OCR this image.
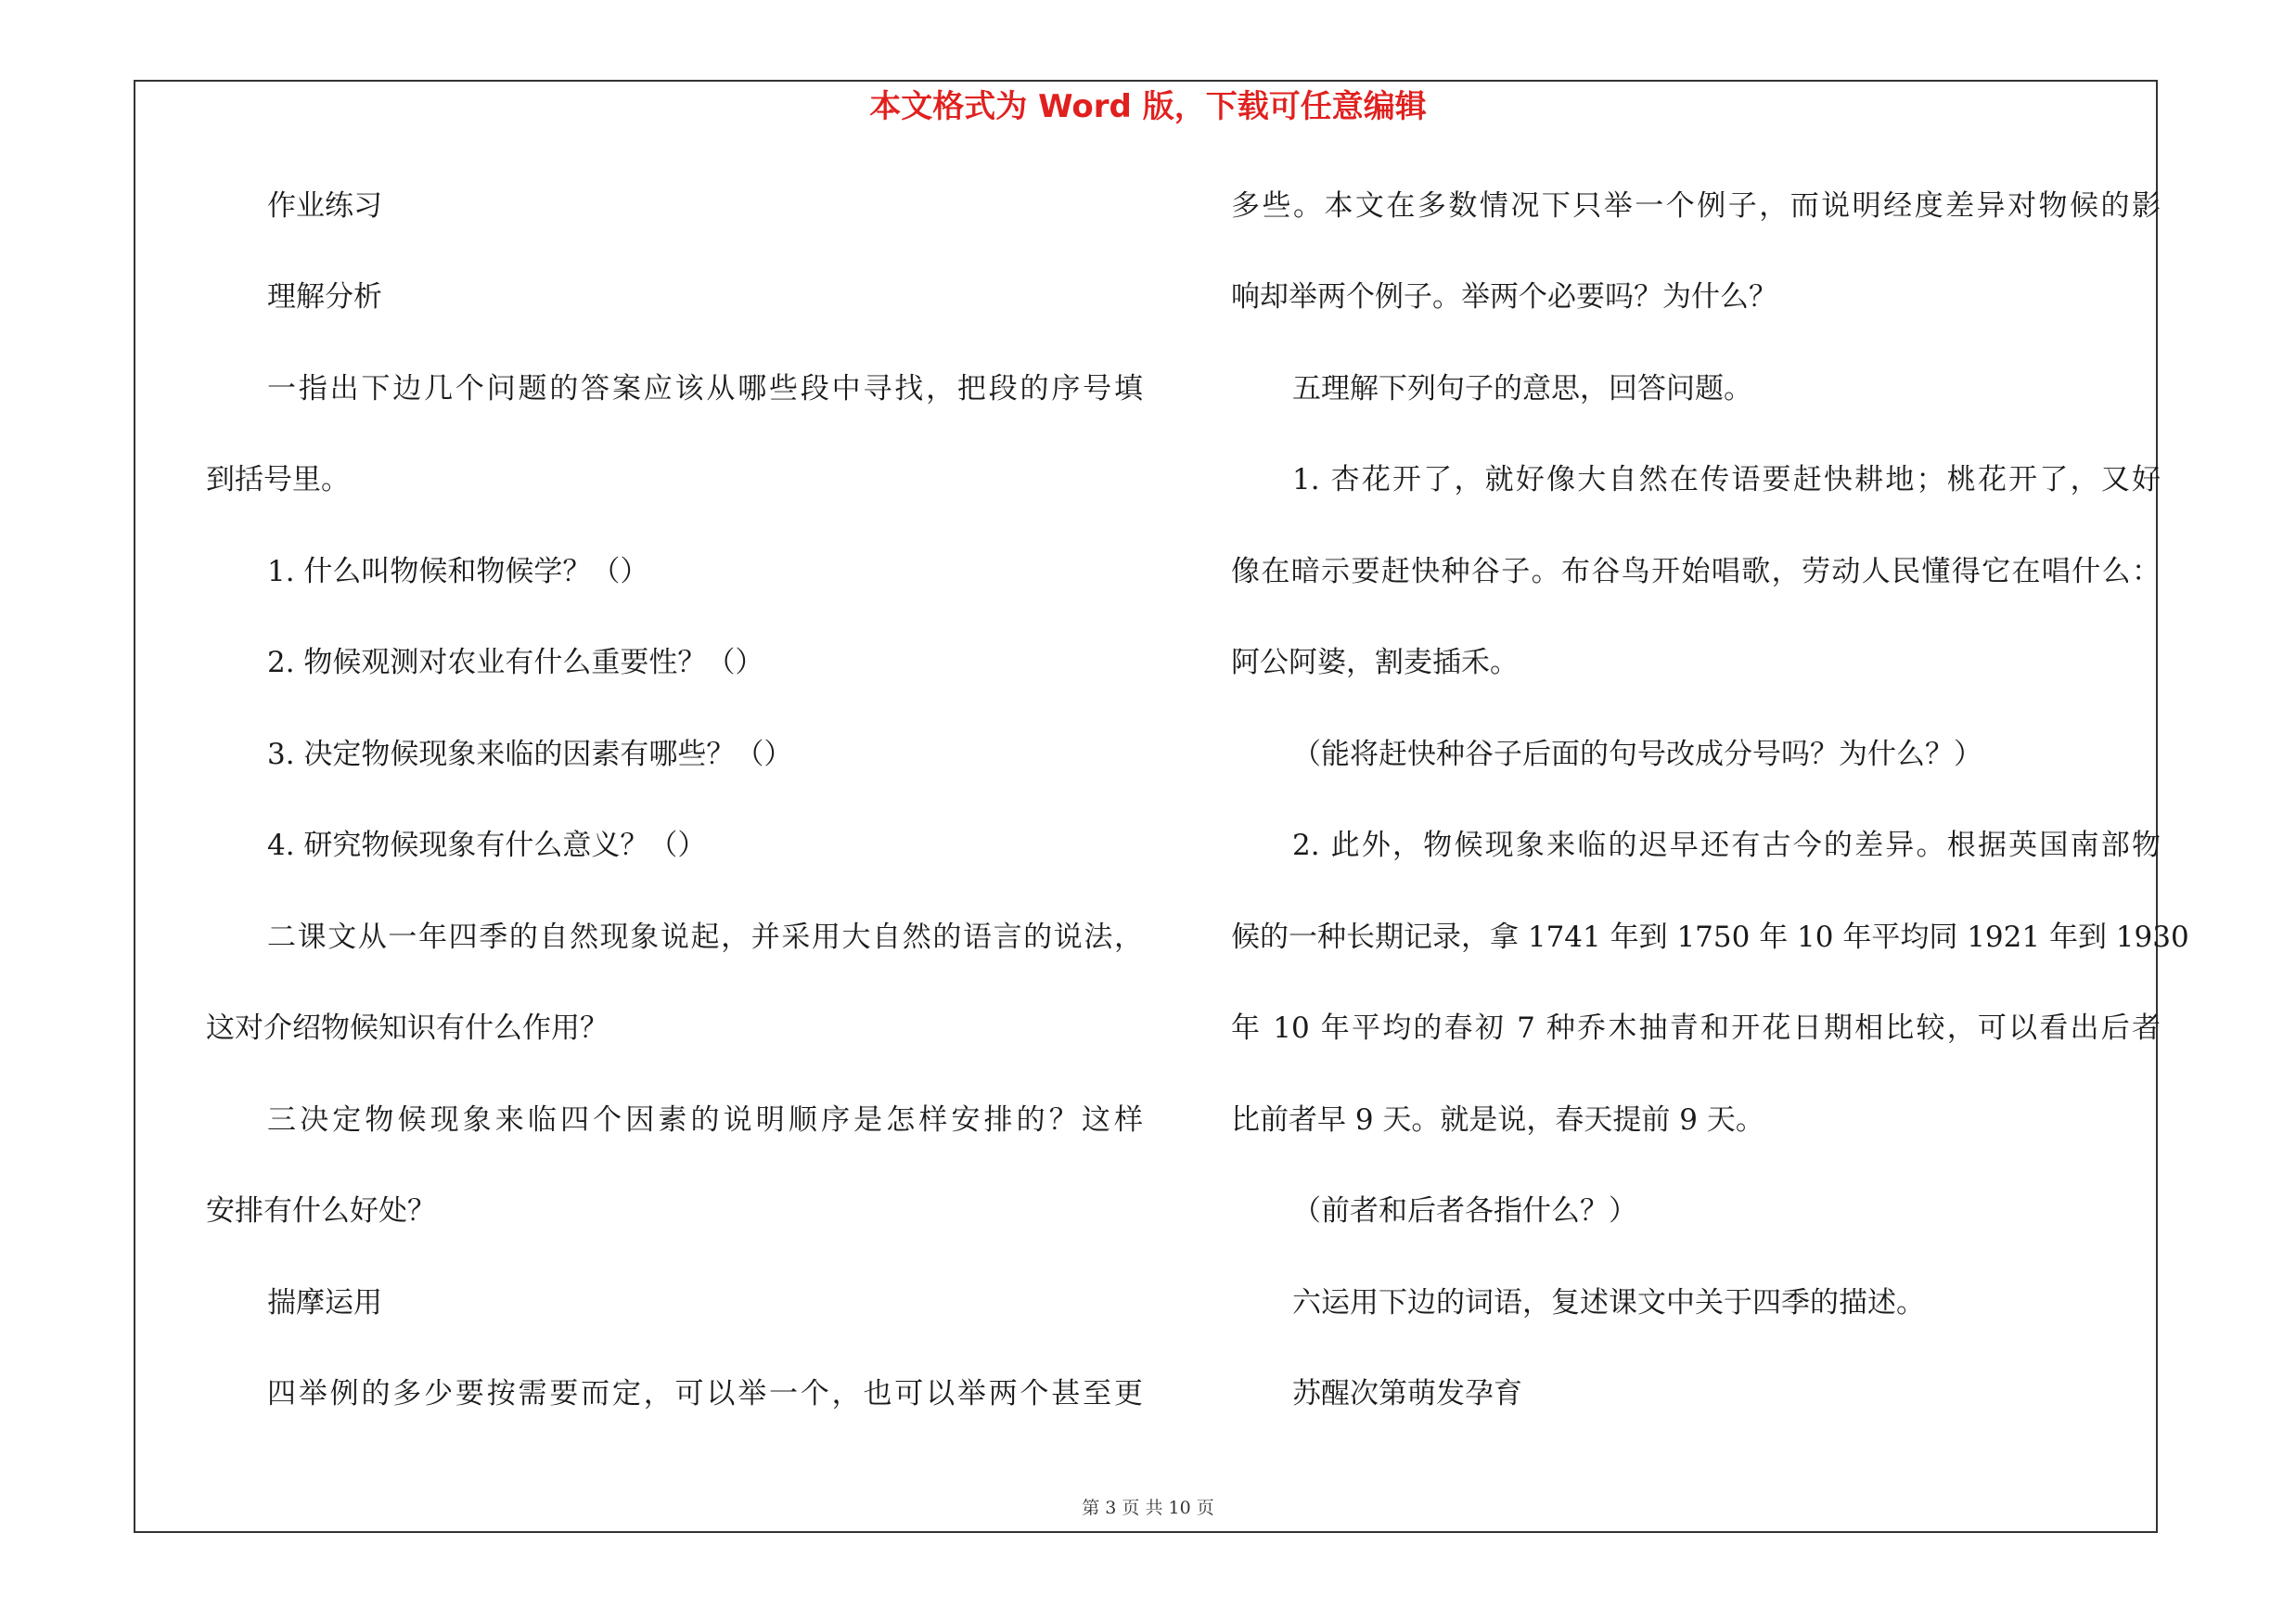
本文格式为 Word 版，下载可任意编辑
作业练习
理解分析
一指出下边几个问题的答案应该从哪些段中寻找，把段的序号填
到括号里。
1. 什么叫物候和物候学？（）
2. 物候观测对农业有什么重要性？（）
3. 决定物候现象来临的因素有哪些？（）
4. 研究物候现象有什么意义？（）
二课文从一年四季的自然现象说起，并采用大自然的语言的说法，
这对介绍物候知识有什么作用？
三决定物候现象来临四个因素的说明顺序是怎样安排的？这样
安排有什么好处？
揣摩运用
四举例的多少要按需要而定，可以举一个，也可以举两个甚至更
多些。本文在多数情况下只举一个例子，而说明经度差异对物候的影
响却举两个例子。举两个必要吗？为什么？
五理解下列句子的意思，回答问题。
1. 杏花开了，就好像大自然在传语要赶快耕地；桃花开了，又好
像在暗示要赶快种谷子。布谷鸟开始唱歌，劳动人民懂得它在唱什么：
阿公阿婆，割麦插禾。
（能将赶快种谷子后面的句号改成分号吗？为什么？）
2. 此外，物候现象来临的迟早还有古今的差异。根据英国南部物
候的一种长期记录，拿 1741 年到 1750 年 10 年平均同 1921 年到 1930
年 10 年平均的春初 7 种乔木抽青和开花日期相比较，可以看出后者
比前者早 9 天。就是说，春天提前 9 天。
（前者和后者各指什么？）
六运用下边的词语，复述课文中关于四季的描述。
苏醒次第萌发孕育
第 3 页 共 10 页
